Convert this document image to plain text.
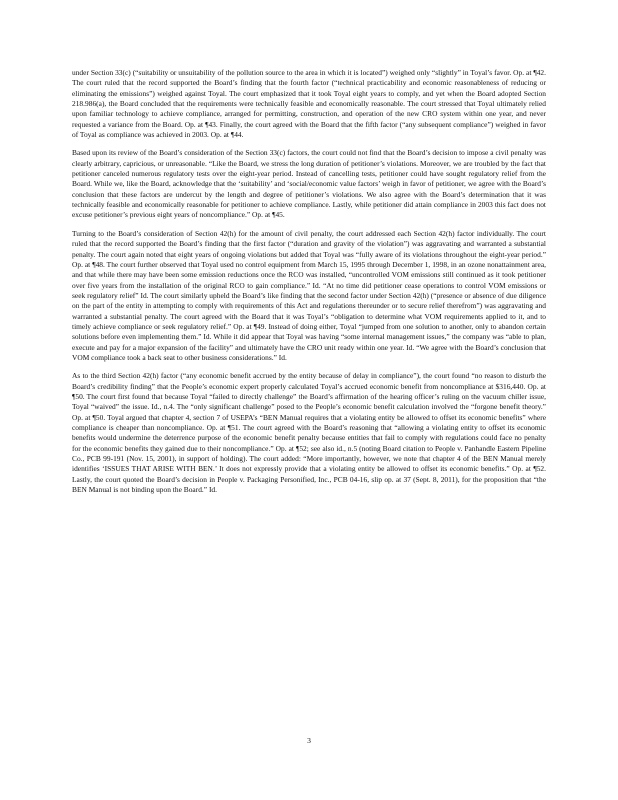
under Section 33(c) (“suitability or unsuitability of the pollution source to the area in which it is located”) weighed only “slightly” in Toyal’s favor. Op. at ¶42. The court ruled that the record supported the Board’s finding that the fourth factor (“technical practicability and economic reasonableness of reducing or eliminating the emissions”) weighed against Toyal. The court emphasized that it took Toyal eight years to comply, and yet when the Board adopted Section 218.986(a), the Board concluded that the requirements were technically feasible and economically reasonable. The court stressed that Toyal ultimately relied upon familiar technology to achieve compliance, arranged for permitting, construction, and operation of the new CRO system within one year, and never requested a variance from the Board. Op. at ¶43. Finally, the court agreed with the Board that the fifth factor (“any subsequent compliance”) weighed in favor of Toyal as compliance was achieved in 2003. Op. at ¶44.

Based upon its review of the Board’s consideration of the Section 33(c) factors, the court could not find that the Board’s decision to impose a civil penalty was clearly arbitrary, capricious, or unreasonable. “Like the Board, we stress the long duration of petitioner’s violations. Moreover, we are troubled by the fact that petitioner canceled numerous regulatory tests over the eight-year period. Instead of cancelling tests, petitioner could have sought regulatory relief from the Board. While we, like the Board, acknowledge that the ‘suitability’ and ‘social/economic value factors’ weigh in favor of petitioner, we agree with the Board’s conclusion that these factors are undercut by the length and degree of petitioner’s violations. We also agree with the Board’s determination that it was technically feasible and economically reasonable for petitioner to achieve compliance. Lastly, while petitioner did attain compliance in 2003 this fact does not excuse petitioner’s previous eight years of noncompliance.” Op. at ¶45.

Turning to the Board’s consideration of Section 42(h) for the amount of civil penalty, the court addressed each Section 42(h) factor individually. The court ruled that the record supported the Board’s finding that the first factor (“duration and gravity of the violation”) was aggravating and warranted a substantial penalty. The court again noted that eight years of ongoing violations but added that Toyal was “fully aware of its violations throughout the eight-year period.” Op. at ¶48. The court further observed that Toyal used no control equipment from March 15, 1995 through December 1, 1998, in an ozone nonattainment area, and that while there may have been some emission reductions once the RCO was installed, “uncontrolled VOM emissions still continued as it took petitioner over five years from the installation of the original RCO to gain compliance.” Id. “At no time did petitioner cease operations to control VOM emissions or seek regulatory relief” Id. The court similarly upheld the Board’s like finding that the second factor under Section 42(h) (“presence or absence of due diligence on the part of the entity in attempting to comply with requirements of this Act and regulations thereunder or to secure relief therefrom”) was aggravating and warranted a substantial penalty. The court agreed with the Board that it was Toyal’s “obligation to determine what VOM requirements applied to it, and to timely achieve compliance or seek regulatory relief.” Op. at ¶49. Instead of doing either, Toyal “jumped from one solution to another, only to abandon certain solutions before even implementing them.” Id. While it did appear that Toyal was having “some internal management issues,” the company was “able to plan, execute and pay for a major expansion of the facility” and ultimately have the CRO unit ready within one year. Id. “We agree with the Board’s conclusion that VOM compliance took a back seat to other business considerations.” Id.

As to the third Section 42(h) factor (“any economic benefit accrued by the entity because of delay in compliance”), the court found “no reason to disturb the Board’s credibility finding” that the People’s economic expert properly calculated Toyal’s accrued economic benefit from noncompliance at $316,440. Op. at ¶50. The court first found that because Toyal “failed to directly challenge” the Board’s affirmation of the hearing officer’s ruling on the vacuum chiller issue, Toyal “waived” the issue. Id., n.4. The “only significant challenge” posed to the People’s economic benefit calculation involved the “forgone benefit theory.” Op. at ¶50. Toyal argued that chapter 4, section 7 of USEPA’s “BEN Manual requires that a violating entity be allowed to offset its economic benefits” where compliance is cheaper than noncompliance. Op. at ¶51. The court agreed with the Board’s reasoning that “allowing a violating entity to offset its economic benefits would undermine the deterrence purpose of the economic benefit penalty because entities that fail to comply with regulations could face no penalty for the economic benefits they gained due to their noncompliance.” Op. at ¶52; see also id., n.5 (noting Board citation to People v. Panhandle Eastern Pipeline Co., PCB 99-191 (Nov. 15, 2001), in support of holding). The court added: “More importantly, however, we note that chapter 4 of the BEN Manual merely identifies ‘ISSUES THAT ARISE WITH BEN.’ It does not expressly provide that a violating entity be allowed to offset its economic benefits.” Op. at ¶52. Lastly, the court quoted the Board’s decision in People v. Packaging Personified, Inc., PCB 04-16, slip op. at 37 (Sept. 8, 2011), for the proposition that “the BEN Manual is not binding upon the Board.” Id.

3
